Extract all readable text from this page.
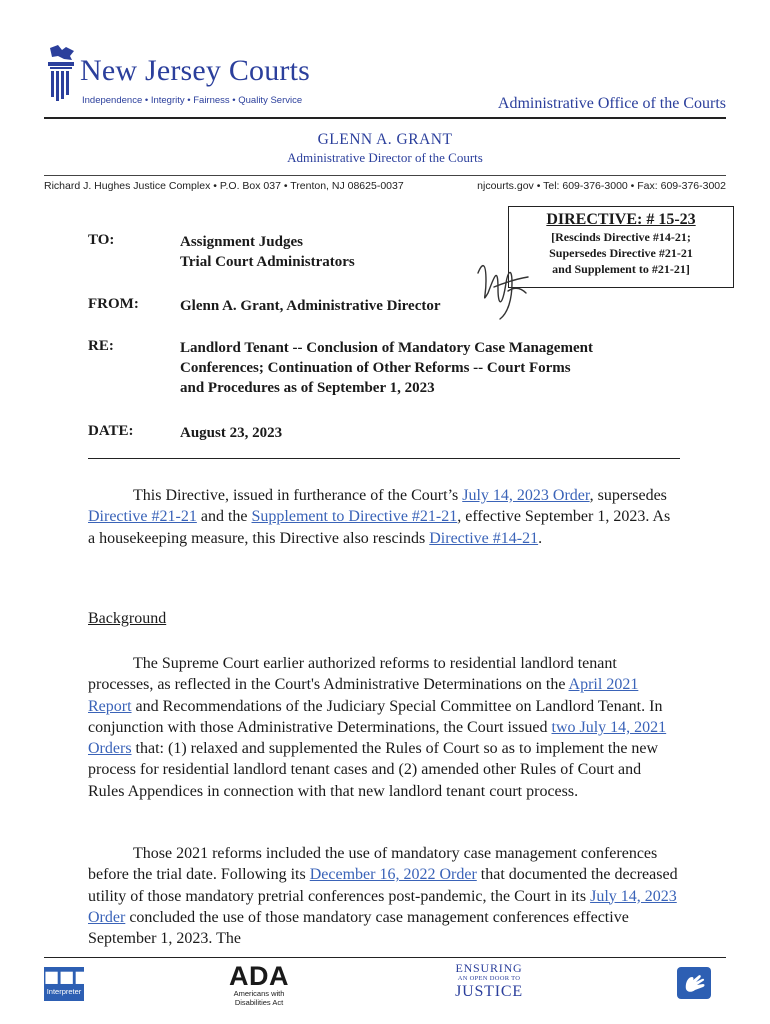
New Jersey Courts
Independence • Integrity • Fairness • Quality Service	Administrative Office of the Courts
GLENN A. GRANT
Administrative Director of the Courts
Richard J. Hughes Justice Complex • P.O. Box 037 • Trenton, NJ 08625-0037	njcourts.gov • Tel: 609-376-3000 • Fax: 609-376-3002
DIRECTIVE: # 15-23
[Rescinds Directive #14-21;
Supersedes Directive #21-21
and Supplement to #21-21]
TO:	Assignment Judges
Trial Court Administrators
FROM:	Glenn A. Grant, Administrative Director
RE:	Landlord Tenant -- Conclusion of Mandatory Case Management
Conferences; Continuation of Other Reforms -- Court Forms
and Procedures as of September 1, 2023
DATE:	August 23, 2023

This Directive, issued in furtherance of the Court’s July 14, 2023 Order, supersedes Directive #21-21 and the Supplement to Directive #21-21, effective September 1, 2023. As a housekeeping measure, this Directive also rescinds Directive #14-21.

Background

The Supreme Court earlier authorized reforms to residential landlord tenant processes, as reflected in the Court's Administrative Determinations on the April 2021 Report and Recommendations of the Judiciary Special Committee on Landlord Tenant. In conjunction with those Administrative Determinations, the Court issued two July 14, 2021 Orders that: (1) relaxed and supplemented the Rules of Court so as to implement the new process for residential landlord tenant cases and (2) amended other Rules of Court and Rules Appendices in connection with that new landlord tenant court process.

Those 2021 reforms included the use of mandatory case management conferences before the trial date. Following its December 16, 2022 Order that documented the decreased utility of those mandatory pretrial conferences post-pandemic, the Court in its July 14, 2023 Order concluded the use of those mandatory case management conferences effective September 1, 2023. The

■■■
Interpreter
ADA
Americans with
Disabilities Act
ENSURING
AN OPEN DOOR TO
JUSTICE
